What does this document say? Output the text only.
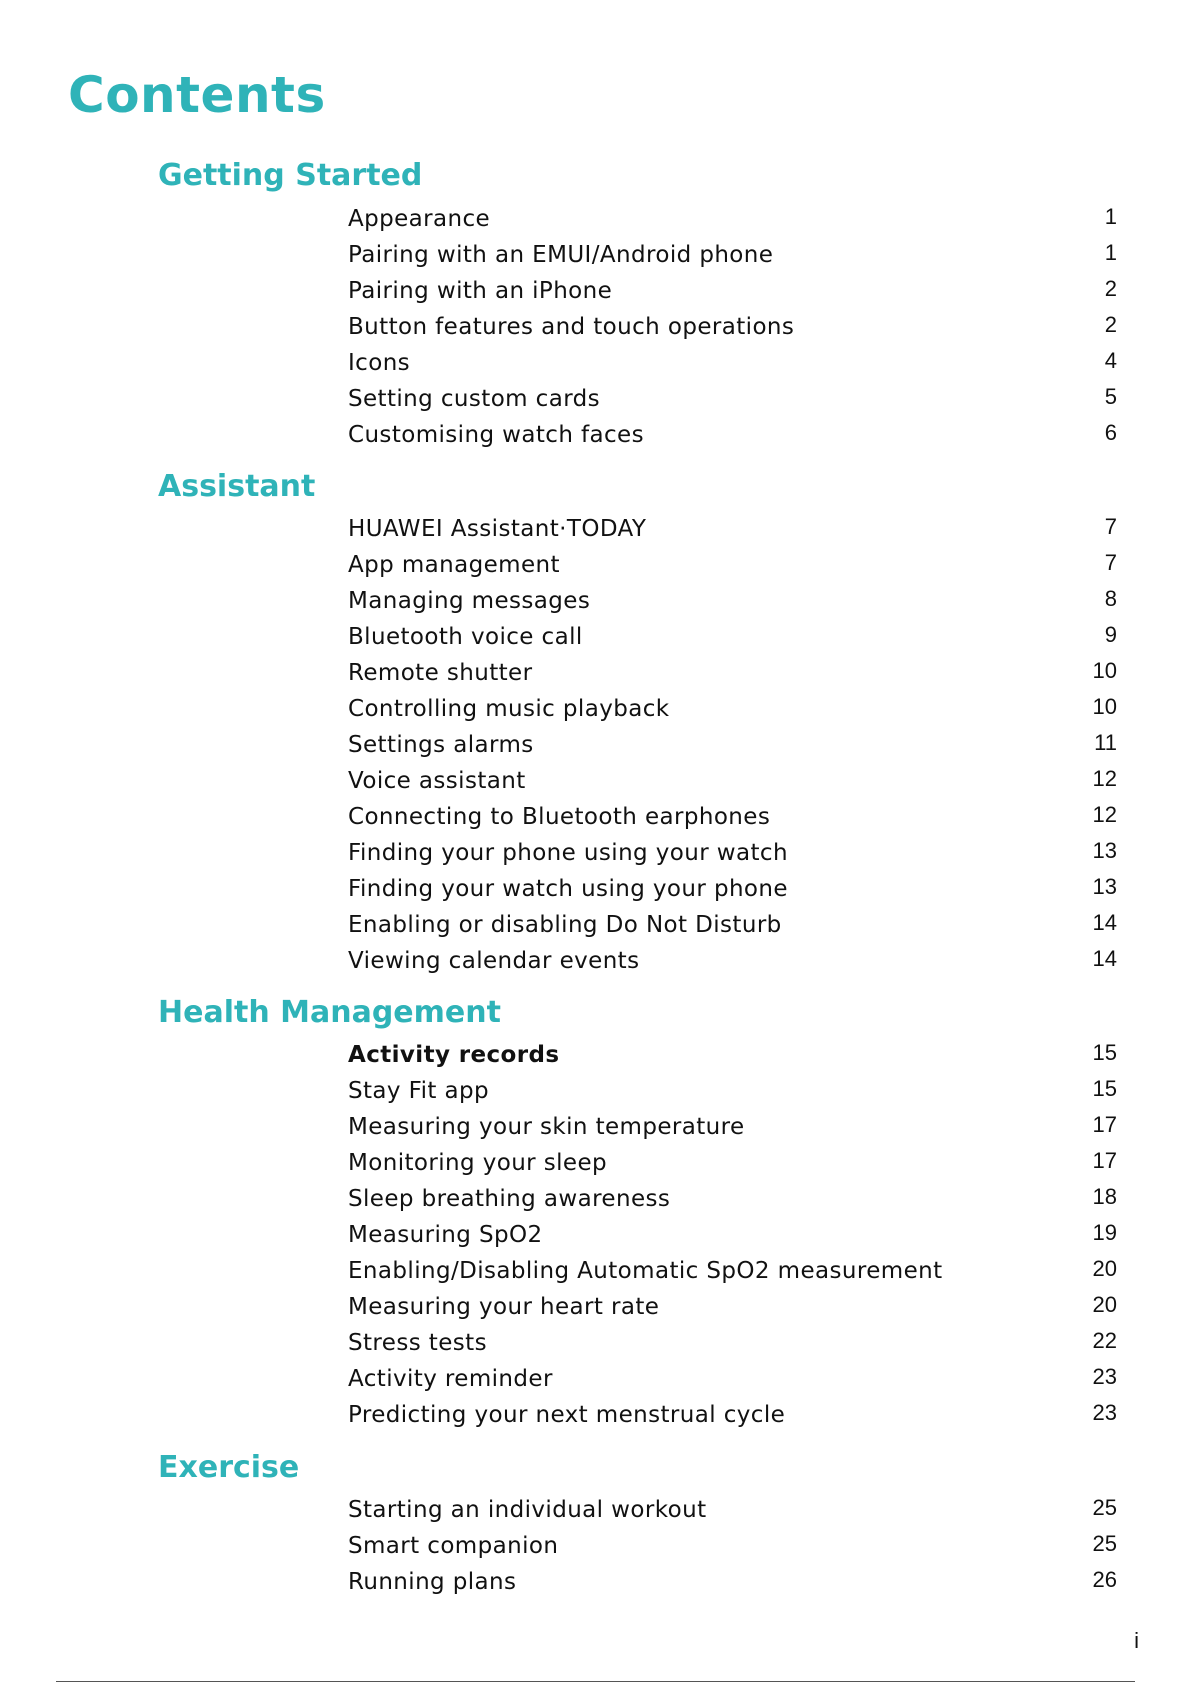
Contents
Getting Started
Appearance	1
Pairing with an EMUI/Android phone	1
Pairing with an iPhone	2
Button features and touch operations	2
Icons	4
Setting custom cards	5
Customising watch faces	6
Assistant
HUAWEI Assistant·TODAY	7
App management	7
Managing messages	8
Bluetooth voice call	9
Remote shutter	10
Controlling music playback	10
Settings alarms	11
Voice assistant	12
Connecting to Bluetooth earphones	12
Finding your phone using your watch	13
Finding your watch using your phone	13
Enabling or disabling Do Not Disturb	14
Viewing calendar events	14
Health Management
Activity records	15
Stay Fit app	15
Measuring your skin temperature	17
Monitoring your sleep	17
Sleep breathing awareness	18
Measuring SpO2	19
Enabling/Disabling Automatic SpO2 measurement	20
Measuring your heart rate	20
Stress tests	22
Activity reminder	23
Predicting your next menstrual cycle	23
Exercise
Starting an individual workout	25
Smart companion	25
Running plans	26
i
